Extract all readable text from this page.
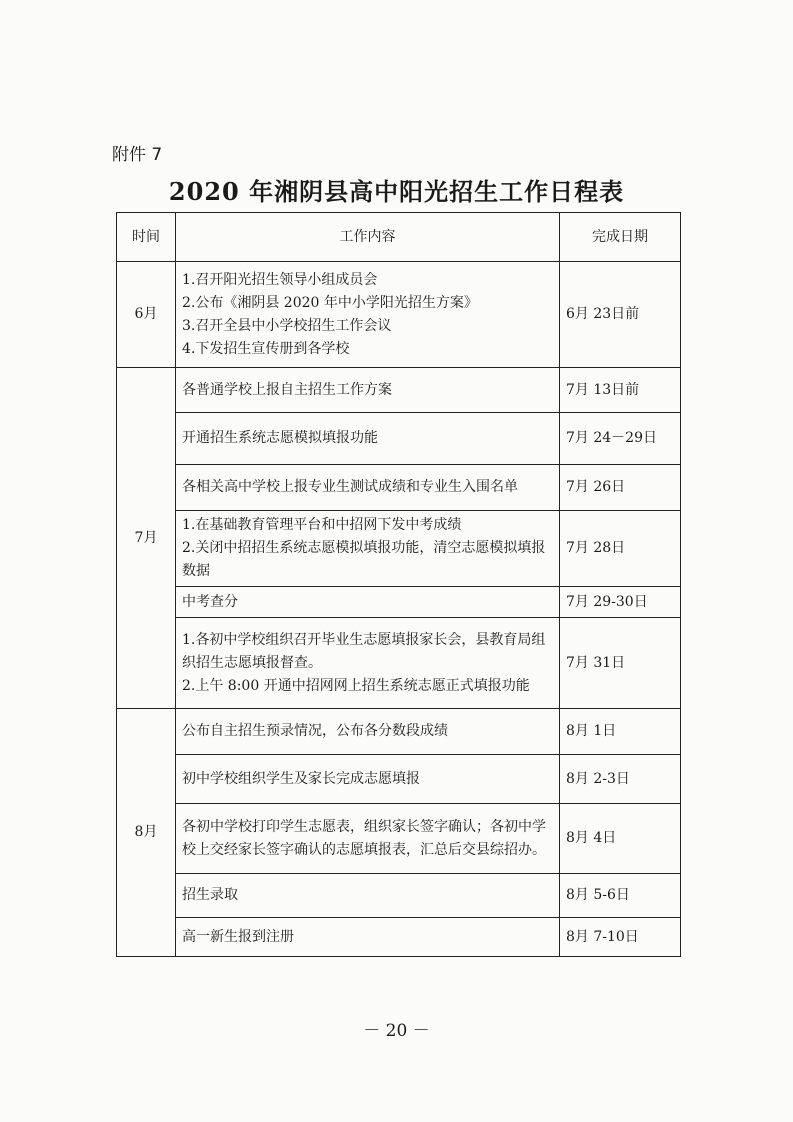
附件 7
2020 年湘阴县高中阳光招生工作日程表
时间	工作内容	完成日期
6月	1.召开阳光招生领导小组成员会
2.公布《湘阴县 2020 年中小学阳光招生方案》
3.召开全县中小学校招生工作会议
4.下发招生宣传册到各学校	6月 23日前
7月	各普通学校上报自主招生工作方案	7月 13日前

	开通招生系统志愿模拟填报功能	7月 24－29日

	各相关高中学校上报专业生测试成绩和专业生入围名单	7月 26日

	1.在基础教育管理平台和中招网下发中考成绩
2.关闭中招招生系统志愿模拟填报功能，清空志愿模拟填报数据	7月 28日

	中考查分	7月 29-30日

	1.各初中学校组织召开毕业生志愿填报家长会，县教育局组织招生志愿填报督查。
2.上午 8:00 开通中招网网上招生系统志愿正式填报功能	7月 31日
8月	公布自主招生预录情况，公布各分数段成绩	8月 1日

	初中学校组织学生及家长完成志愿填报	8月 2-3日

	各初中学校打印学生志愿表，组织家长签字确认；各初中学校上交经家长签字确认的志愿填报表，汇总后交县综招办。	8月 4日

	招生录取	8月 5-6日

	高一新生报到注册	8月 7-10日
－ 20 －
